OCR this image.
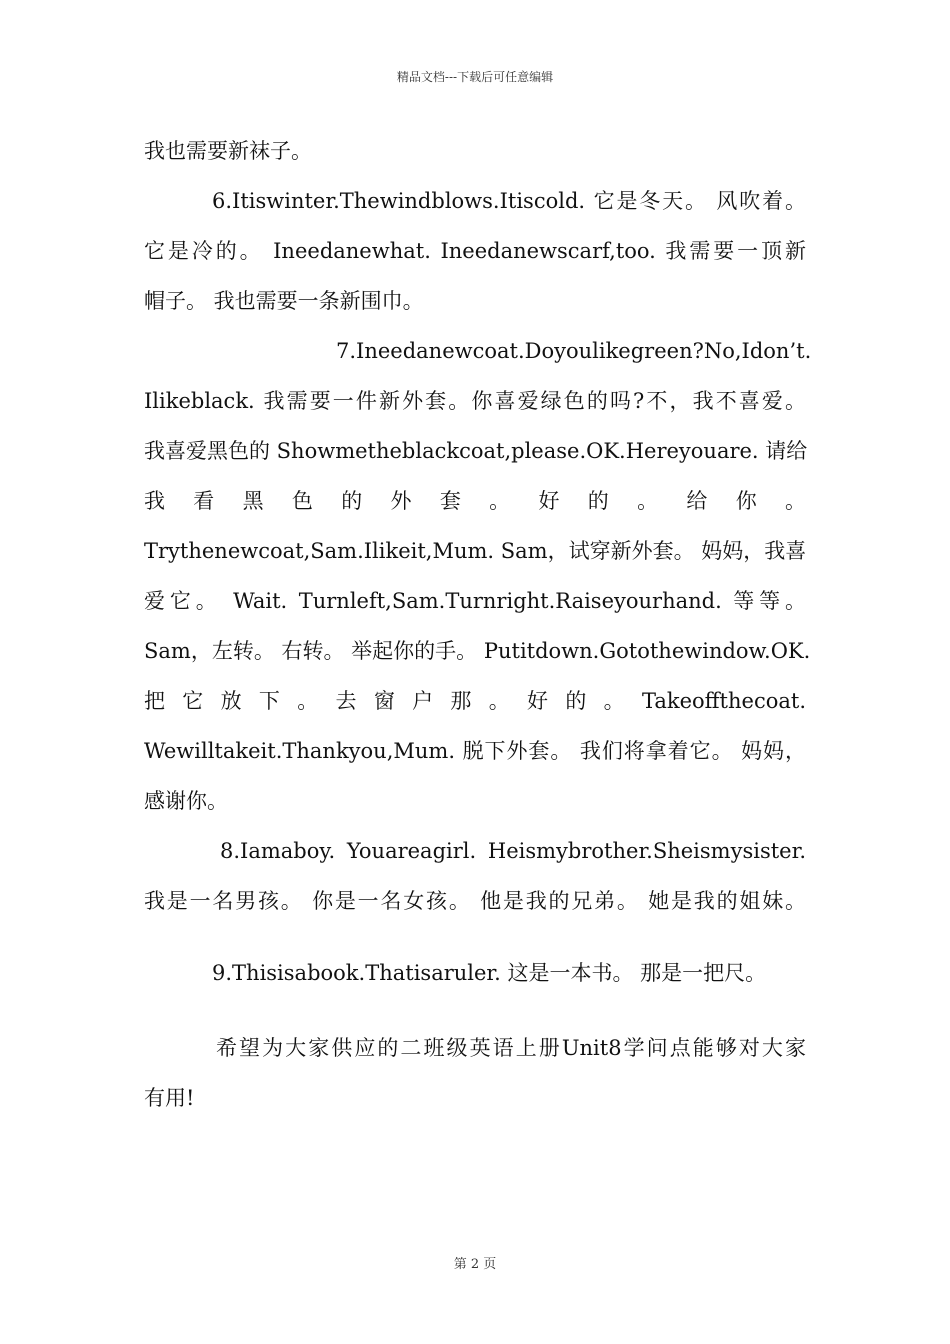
精品文档---下载后可任意编辑
我也需要新袜子。
6.Itiswinter.Thewindblows.Itiscold. 它是冬天。 风吹着。
它是冷的。 Ineedanewhat. Ineedanewscarf,too. 我需要一顶新
帽子。 我也需要一条新围巾。
7.Ineedanewcoat.Doyoulikegreen?No,Idon’t.
Ilikeblack. 我需要一件新外套。你喜爱绿色的吗?不，我不喜爱。
我喜爱黑色的 Showmetheblackcoat,please.OK.Hereyouare. 请给
我 看 黑 色 的 外 套 。 好 的 。 给 你 。
Trythenewcoat,Sam.Ilikeit,Mum. Sam，试穿新外套。 妈妈，我喜
爱它。 Wait. Turnleft,Sam.Turnright.Raiseyourhand. 等等。
Sam，左转。 右转。 举起你的手。 Putitdown.Gotothewindow.OK.
把 它 放 下 。 去 窗 户 那 。 好 的 。 Takeoffthecoat.
Wewilltakeit.Thankyou,Mum. 脱下外套。 我们将拿着它。 妈妈，
感谢你。
8.Iamaboy. Youareagirl. Heismybrother.Sheismysister.
我是一名男孩。 你是一名女孩。 他是我的兄弟。 她是我的姐妹。
9.Thisisabook.Thatisaruler. 这是一本书。 那是一把尺。
希望为大家供应的二班级英语上册Unit8学问点能够对大家
有用!
第 2 页
